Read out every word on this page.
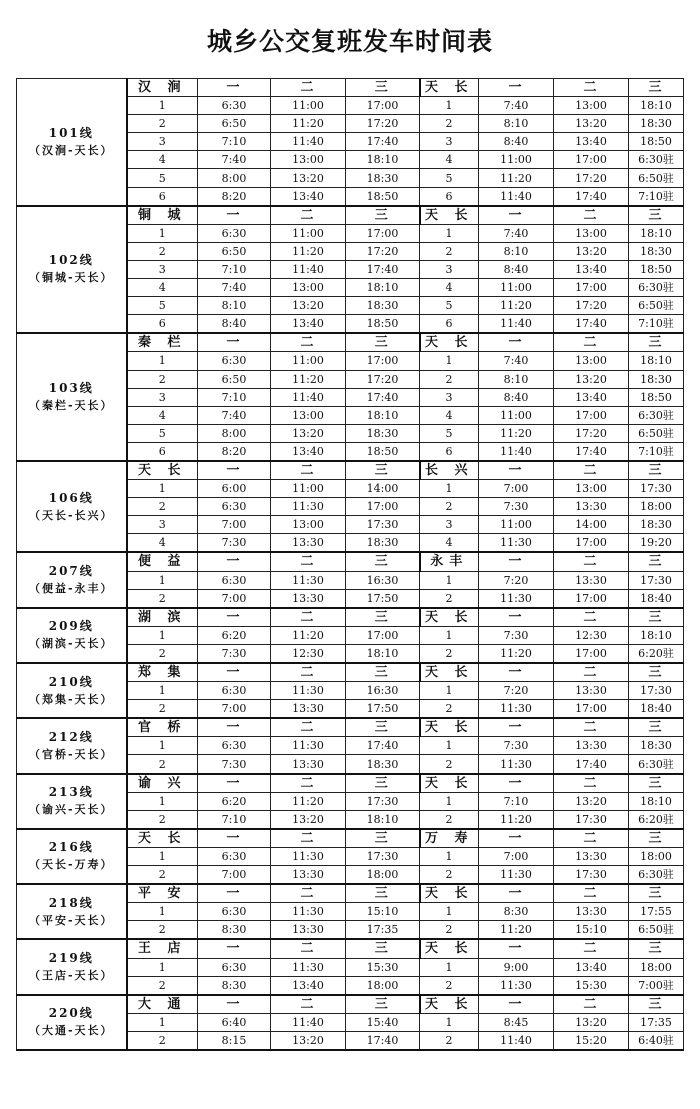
城乡公交复班发车时间表
101线
（汉涧-天长）	汉 涧	一	二	三	天 长	一	二	三
	1	6:30	11:00	17:00	1	7:40	13:00	18:10
	2	6:50	11:20	17:20	2	8:10	13:20	18:30
	3	7:10	11:40	17:40	3	8:40	13:40	18:50
	4	7:40	13:00	18:10	4	11:00	17:00	6:30驻
	5	8:00	13:20	18:30	5	11:20	17:20	6:50驻
	6	8:20	13:40	18:50	6	11:40	17:40	7:10驻

102线
（铜城-天长）	铜 城	一	二	三	天 长	一	二	三
	1	6:30	11:00	17:00	1	7:40	13:00	18:10
	2	6:50	11:20	17:20	2	8:10	13:20	18:30
	3	7:10	11:40	17:40	3	8:40	13:40	18:50
	4	7:40	13:00	18:10	4	11:00	17:00	6:30驻
	5	8:10	13:20	18:30	5	11:20	17:20	6:50驻
	6	8:40	13:40	18:50	6	11:40	17:40	7:10驻

103线
（秦栏-天长）	秦 栏	一	二	三	天 长	一	二	三
	1	6:30	11:00	17:00	1	7:40	13:00	18:10
	2	6:50	11:20	17:20	2	8:10	13:20	18:30
	3	7:10	11:40	17:40	3	8:40	13:40	18:50
	4	7:40	13:00	18:10	4	11:00	17:00	6:30驻
	5	8:00	13:20	18:30	5	11:20	17:20	6:50驻
	6	8:20	13:40	18:50	6	11:40	17:40	7:10驻

106线
（天长-长兴）	天 长	一	二	三	长 兴	一	二	三
	1	6:00	11:00	14:00	1	7:00	13:00	17:30
	2	6:30	11:30	17:00	2	7:30	13:30	18:00
	3	7:00	13:00	17:30	3	11:00	14:00	18:30
	4	7:30	13:30	18:30	4	11:30	17:00	19:20

207线
（便益-永丰）	便 益	一	二	三	永丰	一	二	三
	1	6:30	11:30	16:30	1	7:20	13:30	17:30
	2	7:00	13:30	17:50	2	11:30	17:00	18:40

209线
（湖滨-天长）	湖 滨	一	二	三	天 长	一	二	三
	1	6:20	11:20	17:00	1	7:30	12:30	18:10
	2	7:30	12:30	18:10	2	11:20	17:00	6:20驻

210线
（郑集-天长）	郑 集	一	二	三	天 长	一	二	三
	1	6:30	11:30	16:30	1	7:20	13:30	17:30
	2	7:00	13:30	17:50	2	11:30	17:00	18:40

212线
（官桥-天长）	官 桥	一	二	三	天 长	一	二	三
	1	6:30	11:30	17:40	1	7:30	13:30	18:30
	2	7:30	13:30	18:30	2	11:30	17:40	6:30驻

213线
（谕兴-天长）	谕 兴	一	二	三	天 长	一	二	三
	1	6:20	11:20	17:30	1	7:10	13:20	18:10
	2	7:10	13:20	18:10	2	11:20	17:30	6:20驻

216线
（天长-万寿）	天 长	一	二	三	万 寿	一	二	三
	1	6:30	11:30	17:30	1	7:00	13:30	18:00
	2	7:00	13:30	18:00	2	11:30	17:30	6:30驻

218线
（平安-天长）	平 安	一	二	三	天 长	一	二	三
	1	6:30	11:30	15:10	1	8:30	13:30	17:55
	2	8:30	13:30	17:35	2	11:20	15:10	6:50驻

219线
（王店-天长）	王 店	一	二	三	天 长	一	二	三
	1	6:30	11:30	15:30	1	9:00	13:40	18:00
	2	8:30	13:40	18:00	2	11:30	15:30	7:00驻

220线
（大通-天长）	大 通	一	二	三	天 长	一	二	三
	1	6:40	11:40	15:40	1	8:45	13:20	17:35
	2	8:15	13:20	17:40	2	11:40	15:20	6:40驻
